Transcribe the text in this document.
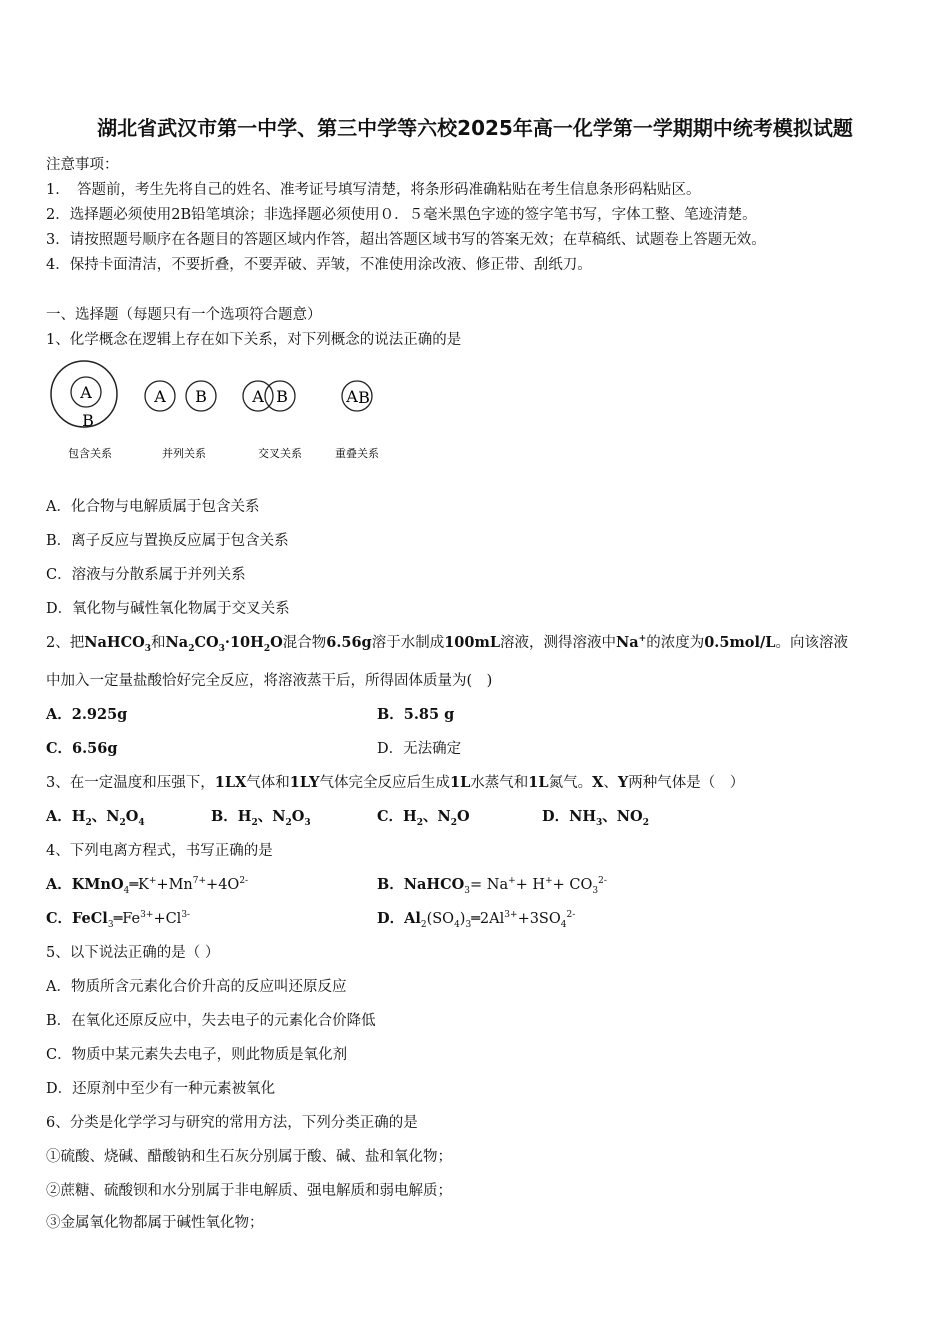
湖北省武汉市第一中学、第三中学等六校2025年高一化学第一学期期中统考模拟试题
注意事项：
1．　答题前，考生先将自己的姓名、准考证号填写清楚，将条形码准确粘贴在考生信息条形码粘贴区。
2．选择题必须使用2B铅笔填涂；非选择题必须使用０．５毫米黑色字迹的签字笔书写，字体工整、笔迹清楚。
3．请按照题号顺序在各题目的答题区域内作答，超出答题区域书写的答案无效；在草稿纸、试题卷上答题无效。
4．保持卡面清洁，不要折叠，不要弄破、弄皱，不准使用涂改液、修正带、刮纸刀。
一、选择题（每题只有一个选项符合题意）
1、化学概念在逻辑上存在如下关系，对下列概念的说法正确的是
A
B
A B	A B	A B
包含关系	并列关系	交叉关系	重叠关系
A．化合物与电解质属于包含关系
B．离子反应与置换反应属于包含关系
C．溶液与分散系属于并列关系
D．氧化物与碱性氧化物属于交叉关系
2、把NaHCO$_3$和$Na_2CO_3\cdot 10H_2O$混合物6.56g溶于水制成100mL溶液，测得溶液中Na+的浓度为0.5mol/L。向该溶液
中加入一定量盐酸恰好完全反应，将溶液蒸干后，所得固体质量为(　)
A．2.925g	B．5.85 g
C．6.56g	D．无法确定
3、在一定温度和压强下，1LX气体和1LY气体完全反应后生成1L水蒸气和1L氮气。X、Y两种气体是（　）
A．$H_2$、$N_2O_4$	B．$H_2$、$N_2O_3$	C．$H_2$、$N_2O$	D．$NH_3$、$NO_2$
4、下列电离方程式，书写正确的是
A．$KMnO_4═K^++Mn^{7+}+4O^{2-}$	B．NaHCO$_3$= $Na^++ H^++ CO_3^{2-}$
C．$FeCl_3═Fe^{3+}+Cl^{3-}$	D．$Al_2(SO_4)_3═2Al^{3+}+3SO_4^{2-}$
5、以下说法正确的是（ ）
A．物质所含元素化合价升高的反应叫还原反应
B．在氧化还原反应中，失去电子的元素化合价降低
C．物质中某元素失去电子，则此物质是氧化剂
D．还原剂中至少有一种元素被氧化
6、分类是化学学习与研究的常用方法，下列分类正确的是
①硫酸、烧碱、醋酸钠和生石灰分别属于酸、碱、盐和氧化物；
②蔗糖、硫酸钡和水分别属于非电解质、强电解质和弱电解质；
③金属氧化物都属于碱性氧化物；
